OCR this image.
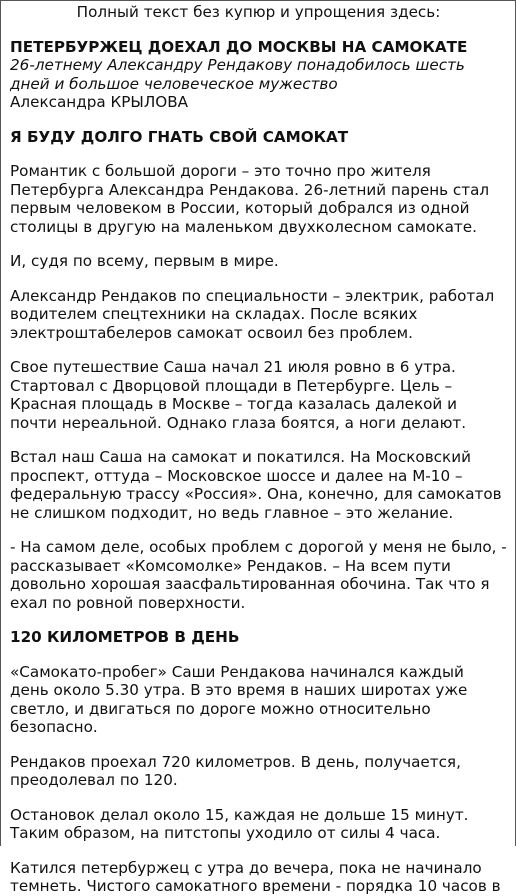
Полный текст без купюр и упрощения здесь:
ПЕТЕРБУРЖЕЦ ДОЕХАЛ ДО МОСКВЫ НА САМОКАТЕ
26-летнему Александру Рендакову понадобилось шесть дней и большое человеческое мужество
Александра КРЫЛОВА
Я БУДУ ДОЛГО ГНАТЬ СВОЙ САМОКАТ

Романтик с большой дороги – это точно про жителя Петербурга Александра Рендакова. 26-летний парень стал первым человеком в России, который добрался из одной столицы в другую на маленьком двухколесном самокате.

И, судя по всему, первым в мире.

Александр Рендаков по специальности – электрик, работал водителем спецтехники на складах. После всяких электроштабелеров самокат освоил без проблем.

Свое путешествие Саша начал 21 июля ровно в 6 утра. Стартовал с Дворцовой площади в Петербурге. Цель – Красная площадь в Москве – тогда казалась далекой и почти нереальной. Однако глаза боятся, а ноги делают.

Встал наш Саша на самокат и покатился. На Московский проспект, оттуда – Московское шоссе и далее на М-10 – федеральную трассу «Россия». Она, конечно, для самокатов не слишком подходит, но ведь главное – это желание.

- На самом деле, особых проблем с дорогой у меня не было, - рассказывает «Комсомолке» Рендаков. – На всем пути довольно хорошая заасфальтированная обочина. Так что я ехал по ровной поверхности.

120 КИЛОМЕТРОВ В ДЕНЬ

«Самокато-пробег» Саши Рендакова начинался каждый день около 5.30 утра. В это время в наших широтах уже светло, и двигаться по дороге можно относительно безопасно.

Рендаков проехал 720 километров. В день, получается, преодолевал по 120.

Остановок делал около 15, каждая не дольше 15 минут. Таким образом, на питстопы уходило от силы 4 часа.

Катился петербуржец с утра до вечера, пока не начинало темнеть. Чистого самокатного времени - порядка 10 часов в
